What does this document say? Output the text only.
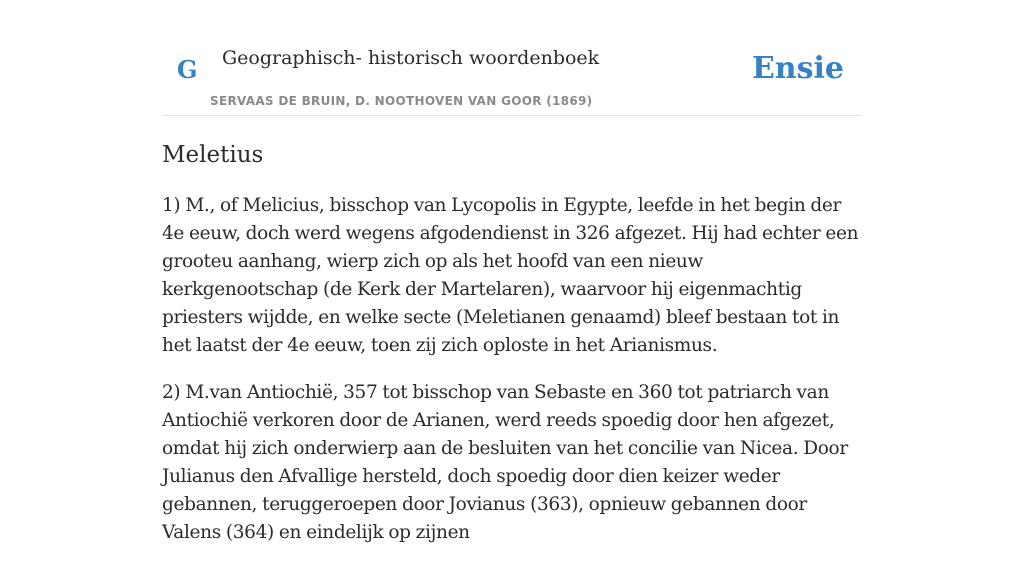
G Geographisch- historisch woordenboek
SERVAAS DE BRUIN, D. NOOTHOVEN VAN GOOR (1869)
Ensie
Meletius

1) M., of Melicius, bisschop van Lycopolis in Egypte, leefde in het begin der 4e eeuw, doch werd wegens afgodendienst in 326 afgezet. Hij had echter een grooteu aanhang, wierp zich op als het hoofd van een nieuw kerkgenootschap (de Kerk der Martelaren), waarvoor hij eigenmachtig priesters wijdde, en welke secte (Meletianen genaamd) bleef bestaan tot in het laatst der 4e eeuw, toen zij zich oploste in het Arianismus.

2) M.van Antiochië, 357 tot bisschop van Sebaste en 360 tot patriarch van Antiochië verkoren door de Arianen, werd reeds spoedig door hen afgezet, omdat hij zich onderwierp aan de besluiten van het concilie van Nicea. Door Julianus den Afvallige hersteld, doch spoedig door dien keizer weder gebannen, teruggeroepen door Jovianus (363), opnieuw gebannen door Valens (364) en eindelijk op zijnen
